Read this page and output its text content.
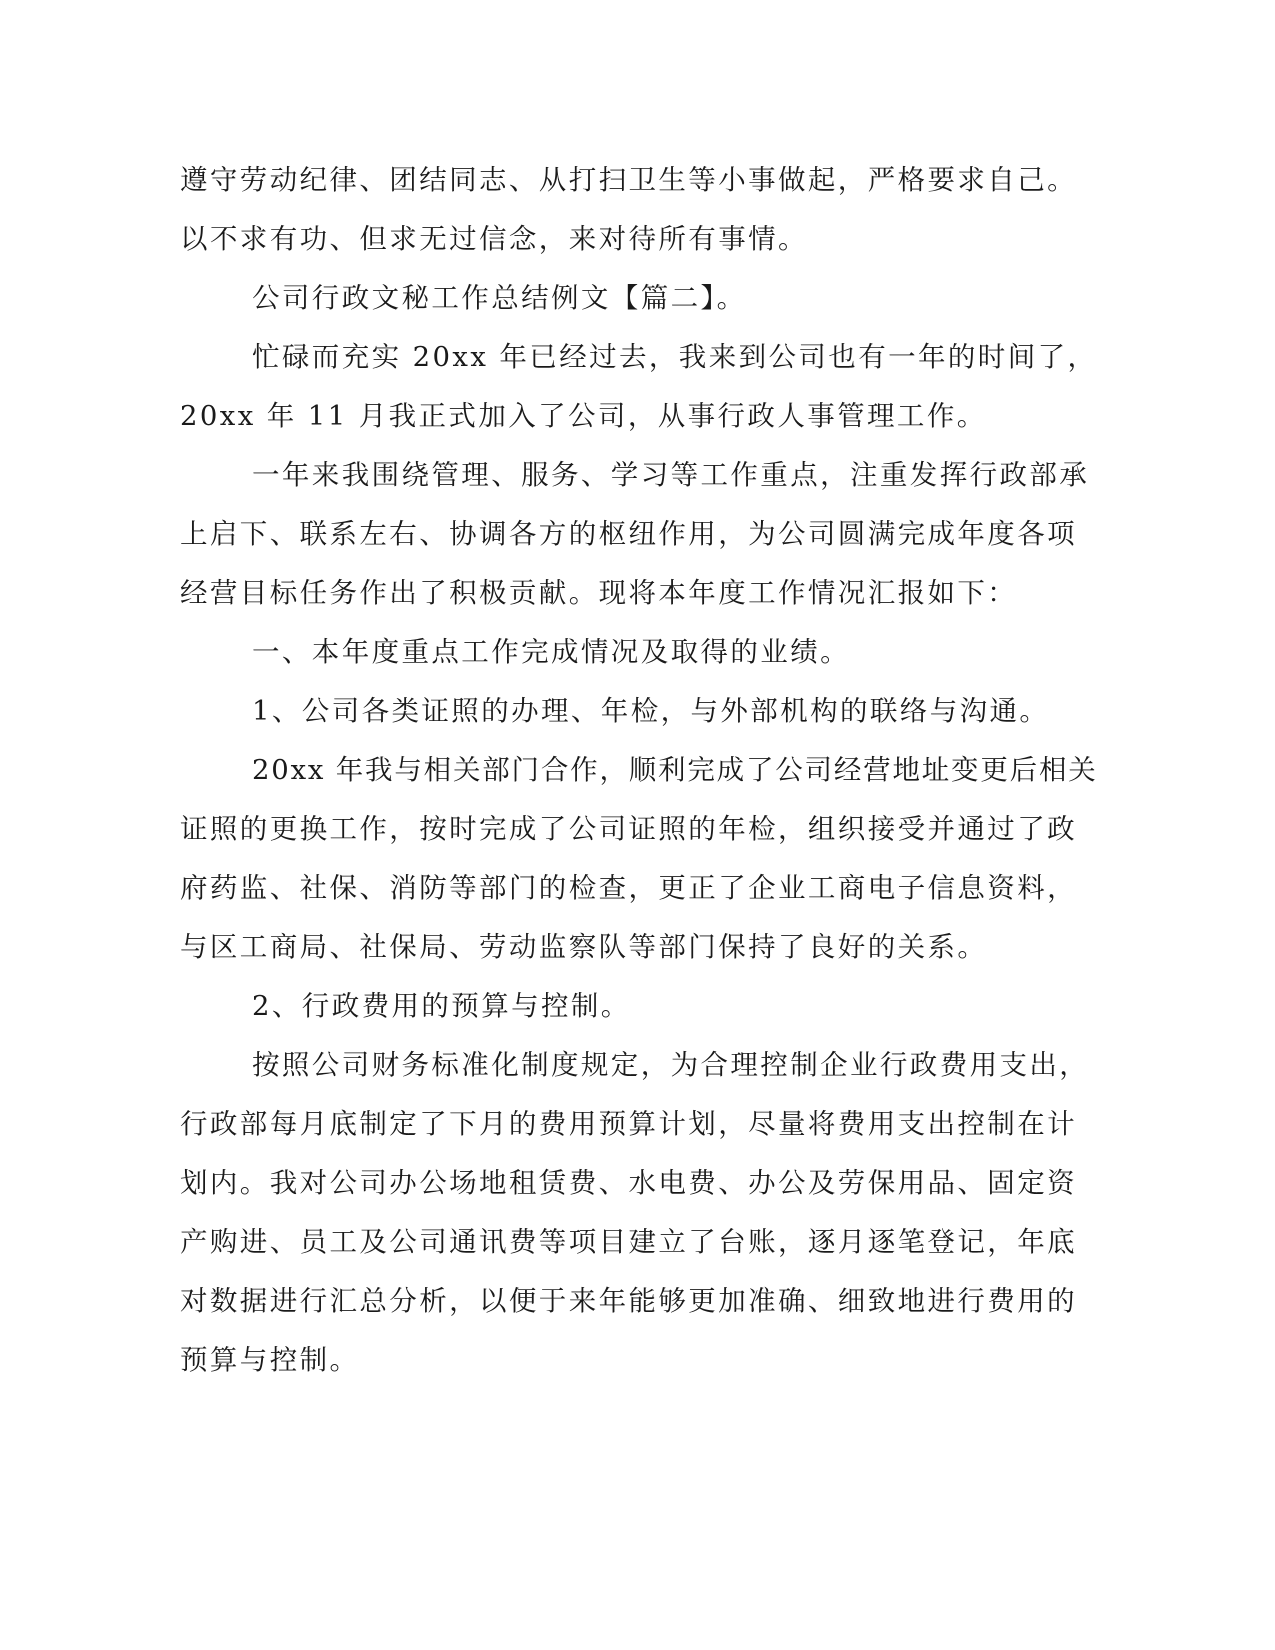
遵守劳动纪律、团结同志、从打扫卫生等小事做起，严格要求自己。

以不求有功、但求无过信念，来对待所有事情。

公司行政文秘工作总结例文【篇二】。

忙碌而充实 20xx 年已经过去，我来到公司也有一年的时间了，

20xx 年 11 月我正式加入了公司，从事行政人事管理工作。

一年来我围绕管理、服务、学习等工作重点，注重发挥行政部承

上启下、联系左右、协调各方的枢纽作用，为公司圆满完成年度各项

经营目标任务作出了积极贡献。现将本年度工作情况汇报如下：

一、本年度重点工作完成情况及取得的业绩。

1、公司各类证照的办理、年检，与外部机构的联络与沟通。

20xx 年我与相关部门合作，顺利完成了公司经营地址变更后相关

证照的更换工作，按时完成了公司证照的年检，组织接受并通过了政

府药监、社保、消防等部门的检查，更正了企业工商电子信息资料，

与区工商局、社保局、劳动监察队等部门保持了良好的关系。

2、行政费用的预算与控制。

按照公司财务标准化制度规定，为合理控制企业行政费用支出，

行政部每月底制定了下月的费用预算计划，尽量将费用支出控制在计

划内。我对公司办公场地租赁费、水电费、办公及劳保用品、固定资

产购进、员工及公司通讯费等项目建立了台账，逐月逐笔登记，年底

对数据进行汇总分析，以便于来年能够更加准确、细致地进行费用的

预算与控制。
